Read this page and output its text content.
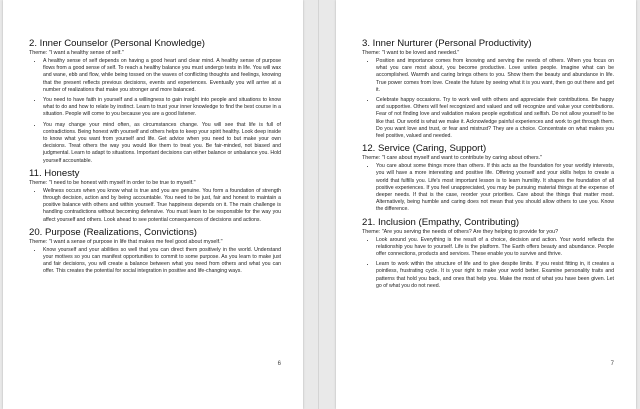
2. Inner Counselor (Personal Knowledge)
Theme: "I want a healthy sense of self."
• A healthy sense of self depends on having a good heart and clear mind. A healthy sense of purpose flows from a good sense of self. To reach a healthy balance you must undergo tests in life. You will wax and wane, ebb and flow, while being tossed on the waves of conflicting thoughts and feelings, knowing that the present reflects previous decisions, events and experiences. Eventually you will arrive at a number of realizations that make you stronger and more balanced.
• You need to have faith in yourself and a willingness to gain insight into people and situations to know what to do and how to relate by instinct. Learn to trust your inner knowledge to find the best course in a situation. People will come to you because you are a good listener.
• You may change your mind often, as circumstances change. You will see that life is full of contradictions. Being honest with yourself and others helps to keep your spirit healthy. Look deep inside to know what you want from yourself and life. Get advice when you need to but make your own decisions. Treat others the way you would like them to treat you. Be fair-minded, not biased and judgmental. Learn to adapt to situations. Important decisions can either balance or unbalance you. Hold yourself accountable.
11. Honesty
Theme: "I need to be honest with myself in order to be true to myself."
• Wellness occurs when you know what is true and you are genuine. You form a foundation of strength through decision, action and by being accountable. You need to be just, fair and honest to maintain a positive balance with others and within yourself. True happiness depends on it. The main challenge is handling contradictions without becoming defensive. You must learn to be responsible for the way you affect yourself and others. Look ahead to see potential consequences of decisions and actions.
20. Purpose (Realizations, Convictions)
Theme: "I want a sense of purpose in life that makes me feel good about myself."
• Know yourself and your abilities so well that you can direct them positively in the world. Understand your motives so you can manifest opportunities to commit to some purpose. As you learn to make just and fair decisions, you will create a balance between what you need from others and what you can offer. This creates the potential for social integration in positive and life-changing ways.
6
3. Inner Nurturer (Personal Productivity)
Theme: "I want to be loved and needed."
• Position and importance comes from knowing and serving the needs of others. When you focus on what you care most about, you become productive. Love unites people. Imagine what can be accomplished. Warmth and caring brings others to you. Show them the beauty and abundance in life. True power comes from love. Create the future by seeing what it is you want, then go out there and get it.
• Celebrate happy occasions. Try to work well with others and appreciate their contributions. Be happy and supportive. Others will feel recognized and valued and will recognize and value your contributions. Fear of not finding love and validation makes people egotistical and selfish. Do not allow yourself to be like that. Our world is what we make it. Acknowledge painful experiences and work to get through them. Do you want love and trust, or fear and mistrust? They are a choice. Concentrate on what makes you feel positive, valued and needed.
12. Service (Caring, Support)
Theme: "I care about myself and want to contribute by caring about others."
• You care about some things more than others. If this acts as the foundation for your worldly interests, you will have a more interesting and positive life. Offering yourself and your skills helps to create a world that fulfills you. Life's most important lesson is to learn humility. It shapes the foundation of all positive experiences. If you feel unappreciated, you may be pursuing material things at the expense of deeper needs. If that is the case, reorder your priorities. Care about the things that matter most. Alternatively, being humble and caring does not mean that you should allow others to use you. Know the difference.
21. Inclusion (Empathy, Contributing)
Theme: "Are you serving the needs of others? Are they helping to provide for you?
• Look around you. Everything is the result of a choice, decision and action. Your world reflects the relationship you have to yourself. Life is the platform. The Earth offers beauty and abundance. People offer connections, products and services. These enable you to survive and thrive.
• Learn to work within the structure of life and to give despite limits. If you resist fitting in, it creates a pointless, frustrating cycle. It is your right to make your world better. Examine personality traits and patterns that hold you back, and ones that help you. Make the most of what you have been given. Let go of what you do not need.
7
